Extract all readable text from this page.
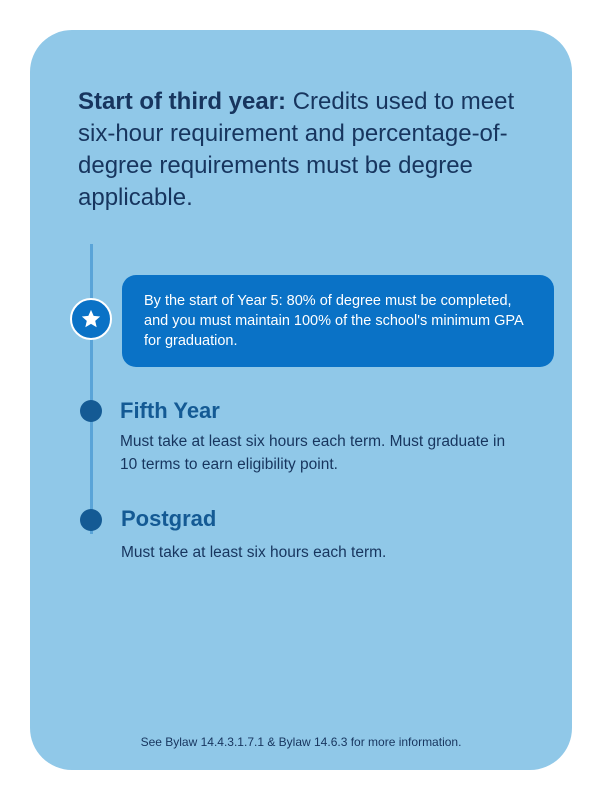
Start of third year: Credits used to meet six-hour requirement and percentage-of-degree requirements must be degree applicable.

By the start of Year 5: 80% of degree must be completed, and you must maintain 100% of the school's minimum GPA for graduation.
Fifth Year

Must take at least six hours each term. Must graduate in 10 terms to earn eligibility point.

Postgrad

Must take at least six hours each term.

See Bylaw 14.4.3.1.7.1 & Bylaw 14.6.3 for more information.
